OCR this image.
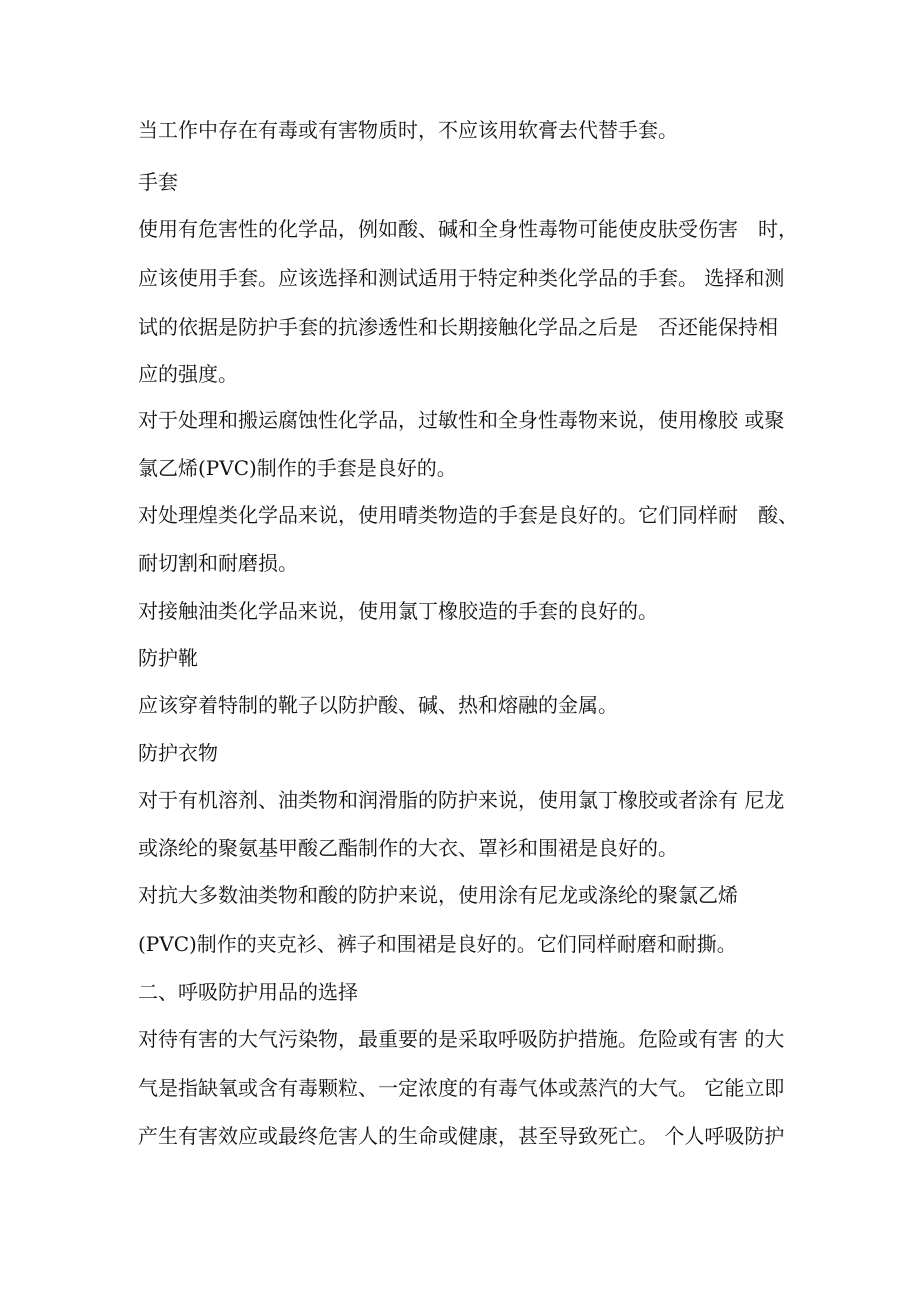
当工作中存在有毒或有害物质时，不应该用软膏去代替手套。

手套

使用有危害性的化学品，例如酸、碱和全身性毒物可能使皮肤受伤害　时，

应该使用手套。应该选择和测试适用于特定种类化学品的手套。 选择和测

试的依据是防护手套的抗渗透性和长期接触化学品之后是　否还能保持相

应的强度。

对于处理和搬运腐蚀性化学品，过敏性和全身性毒物来说，使用橡胶 或聚

氯乙烯(PVC)制作的手套是良好的。

对处理煌类化学品来说，使用晴类物造的手套是良好的。它们同样耐　酸、

耐切割和耐磨损。

对接触油类化学品来说，使用氯丁橡胶造的手套的良好的。

防护靴

应该穿着特制的靴子以防护酸、碱、热和熔融的金属。

防护衣物

对于有机溶剂、油类物和润滑脂的防护来说，使用氯丁橡胶或者涂有 尼龙

或涤纶的聚氨基甲酸乙酯制作的大衣、罩衫和围裙是良好的。

对抗大多数油类物和酸的防护来说，使用涂有尼龙或涤纶的聚氯乙烯

(PVC)制作的夹克衫、裤子和围裙是良好的。它们同样耐磨和耐撕。

二、呼吸防护用品的选择

对待有害的大气污染物，最重要的是采取呼吸防护措施。危险或有害 的大

气是指缺氧或含有毒颗粒、一定浓度的有毒气体或蒸汽的大气。 它能立即

产生有害效应或最终危害人的生命或健康，甚至导致死亡。 个人呼吸防护
